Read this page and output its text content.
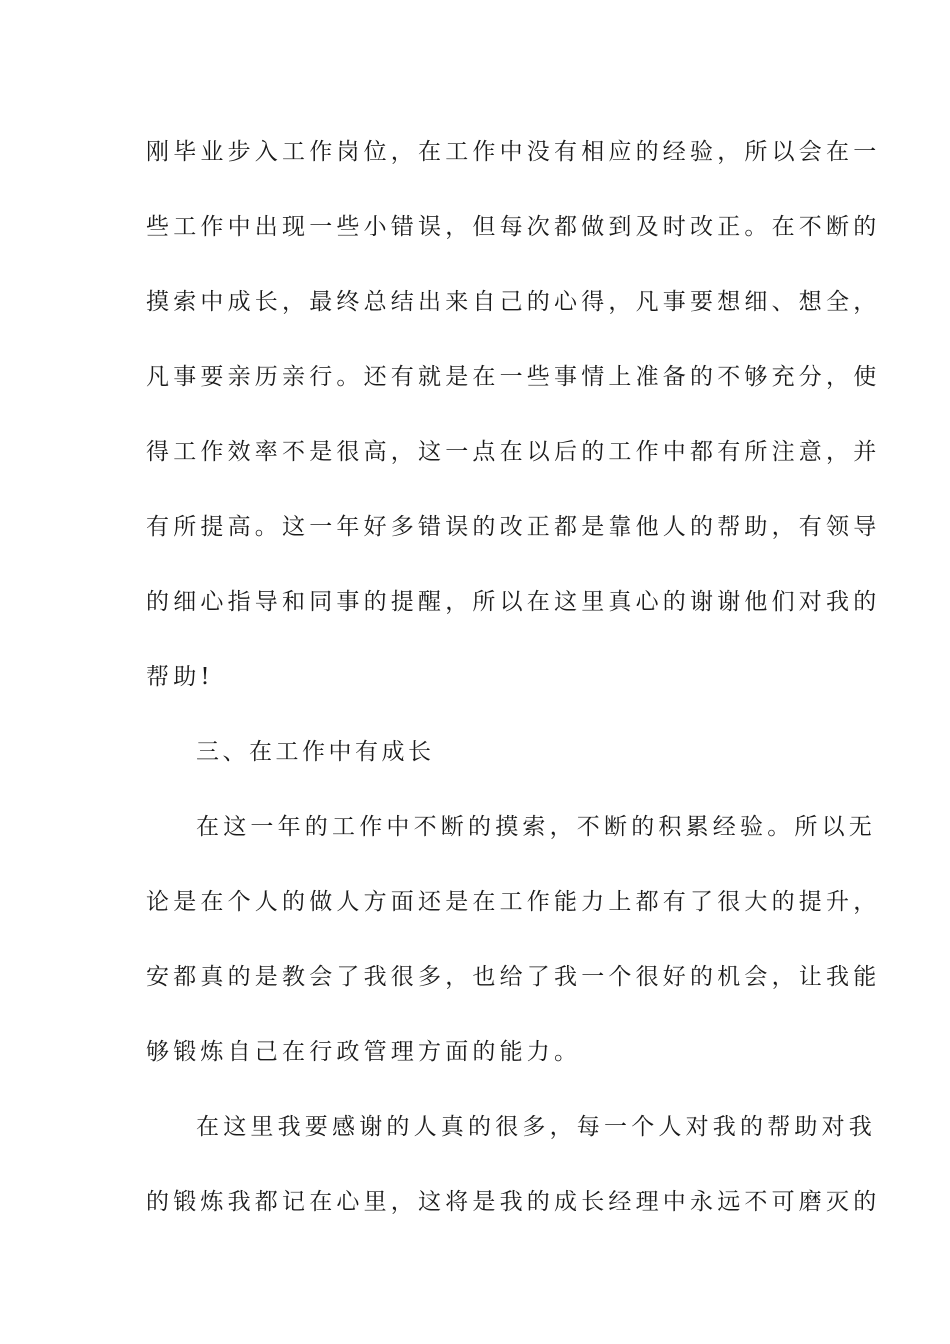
刚毕业步入工作岗位，在工作中没有相应的经验，所以会在一
些工作中出现一些小错误，但每次都做到及时改正。在不断的
摸索中成长，最终总结出来自己的心得，凡事要想细、想全，
凡事要亲历亲行。还有就是在一些事情上准备的不够充分，使
得工作效率不是很高，这一点在以后的工作中都有所注意，并
有所提高。这一年好多错误的改正都是靠他人的帮助，有领导
的细心指导和同事的提醒，所以在这里真心的谢谢他们对我的
帮助!
三、在工作中有成长
在这一年的工作中不断的摸索，不断的积累经验。所以无
论是在个人的做人方面还是在工作能力上都有了很大的提升，
安都真的是教会了我很多，也给了我一个很好的机会，让我能
够锻炼自己在行政管理方面的能力。
在这里我要感谢的人真的很多，每一个人对我的帮助对我
的锻炼我都记在心里，这将是我的成长经理中永远不可磨灭的
